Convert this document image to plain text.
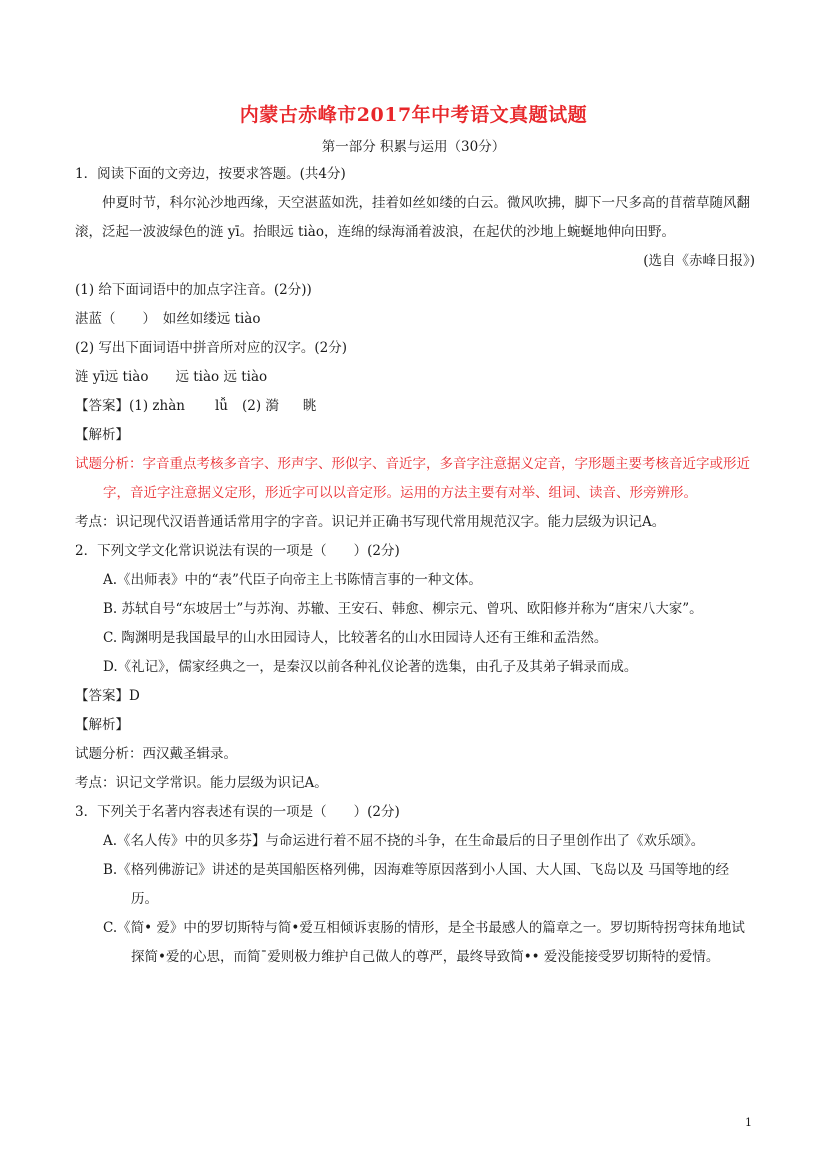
内蒙古赤峰市2017年中考语文真题试题
第一部分 积累与运用（30分）
1．阅读下面的文旁边，按要求答题。(共4分)
仲夏时节，科尔沁沙地西缘，天空湛蓝如洗，挂着如丝如缕的白云。微风吹拂，脚下一尺多高的苜蓿草随风翻滚，泛起一波波绿色的涟 yī。抬眼远 tiào，连绵的绿海涌着波浪，在起伏的沙地上蜿蜒地伸向田野。
(选自《赤峰日报》)
(1) 给下面词语中的加点字注音。(2分))
湛蓝（　　）　如丝如缕远 tiào
(2) 写出下面词语中拼音所对应的汉字。(2分)
涟 yī远 tiào　　远 tiào 远 tiào
【答案】(1) zhàn lǚ (2) 漪 眺
【解析】
试题分析：字音重点考核多音字、形声字、形似字、音近字，多音字注意据义定音，字形题主要考核音近字或形近字，音近字注意据义定形，形近字可以以音定形。运用的方法主要有对举、组词、读音、形旁辨形。
考点：识记现代汉语普通话常用字的字音。识记并正确书写现代常用规范汉字。能力层级为识记A。
2．下列文学文化常识说法有误的一项是（　　）(2分)
A.《出师表》中的“表”代臣子向帝主上书陈情言事的一种文体。
B. 苏轼自号“东坡居士”与苏洵、苏辙、王安石、韩愈、柳宗元、曾巩、欧阳修并称为“唐宋八大家”。
C. 陶渊明是我国最早的山水田园诗人，比较著名的山水田园诗人还有王维和孟浩然。
D.《礼记》，儒家经典之一，是秦汉以前各种礼仪论著的选集，由孔子及其弟子辑录而成。
【答案】D
【解析】
试题分析：西汉戴圣辑录。
考点：识记文学常识。能力层级为识记A。
3．下列关于名著内容表述有误的一项是（　　）(2分)
A.《名人传》中的贝多芬】与命运进行着不屈不挠的斗争，在生命最后的日子里创作出了《欢乐颂》。
B.《格列佛游记》讲述的是英国船医格列佛，因海难等原因落到小人国、大人国、飞岛以及 马国等地的经历。
C.《简• 爱》中的罗切斯特与简•爱互相倾诉衷肠的情形，是全书最感人的篇章之一。罗切斯特拐弯抹角地试探简•爱的心思，而简ˉ爱则极力维护自己做人的尊严，最终导致简•• 爱没能接受罗切斯特的爱情。
1
